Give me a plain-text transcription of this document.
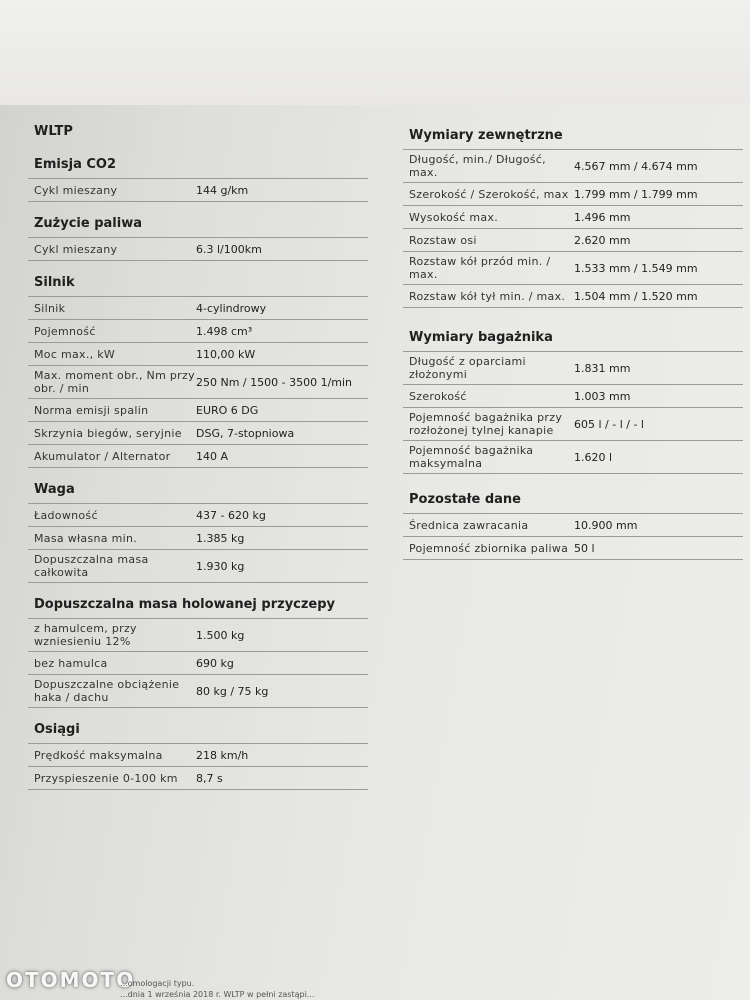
WLTP
Emisja CO2
Cykl mieszany	144 g/km
Zużycie paliwa
Cykl mieszany	6.3 l/100km
Silnik
Silnik	4-cylindrowy
Pojemność	1.498 cm³
Moc max., kW	110,00 kW
Max. moment obr., Nm przy obr. / min	250 Nm / 1500 - 3500 1/min
Norma emisji spalin	EURO 6 DG
Skrzynia biegów, seryjnie	DSG, 7-stopniowa
Akumulator / Alternator	140 A
Waga
Ładowność	437 - 620 kg
Masa własna min.	1.385 kg
Dopuszczalna masa całkowita	1.930 kg
Dopuszczalna masa holowanej przyczepy
z hamulcem, przy wzniesieniu 12%	1.500 kg
bez hamulca	690 kg
Dopuszczalne obciążenie haka / dachu	80 kg / 75 kg
Osiągi
Prędkość maksymalna	218 km/h
Przyspieszenie 0-100 km	8,7 s
Wymiary zewnętrzne
Długość, min./ Długość, max.	4.567 mm / 4.674 mm
Szerokość / Szerokość, max 1.799 mm / 1.799 mm
Wysokość max.	1.496 mm
Rozstaw osi	2.620 mm
Rozstaw kół przód min. / max.	1.533 mm / 1.549 mm
Rozstaw kół tył min. / max. 1.504 mm / 1.520 mm
Wymiary bagażnika
Długość z oparciami złożonymi	1.831 mm
Szerokość	1.003 mm
Pojemność bagażnika przy rozłożonej tylnej kanapie	605 l / - l / - l
Pojemność bagażnika maksymalna	1.620 l
Pozostałe dane
Średnica zawracania	10.900 mm
Pojemność zbiornika paliwa 50 l
OTOMOTO
...omologacji typu.
...dnia 1 września 2018 r. WLTP w pełni zastąpi...
